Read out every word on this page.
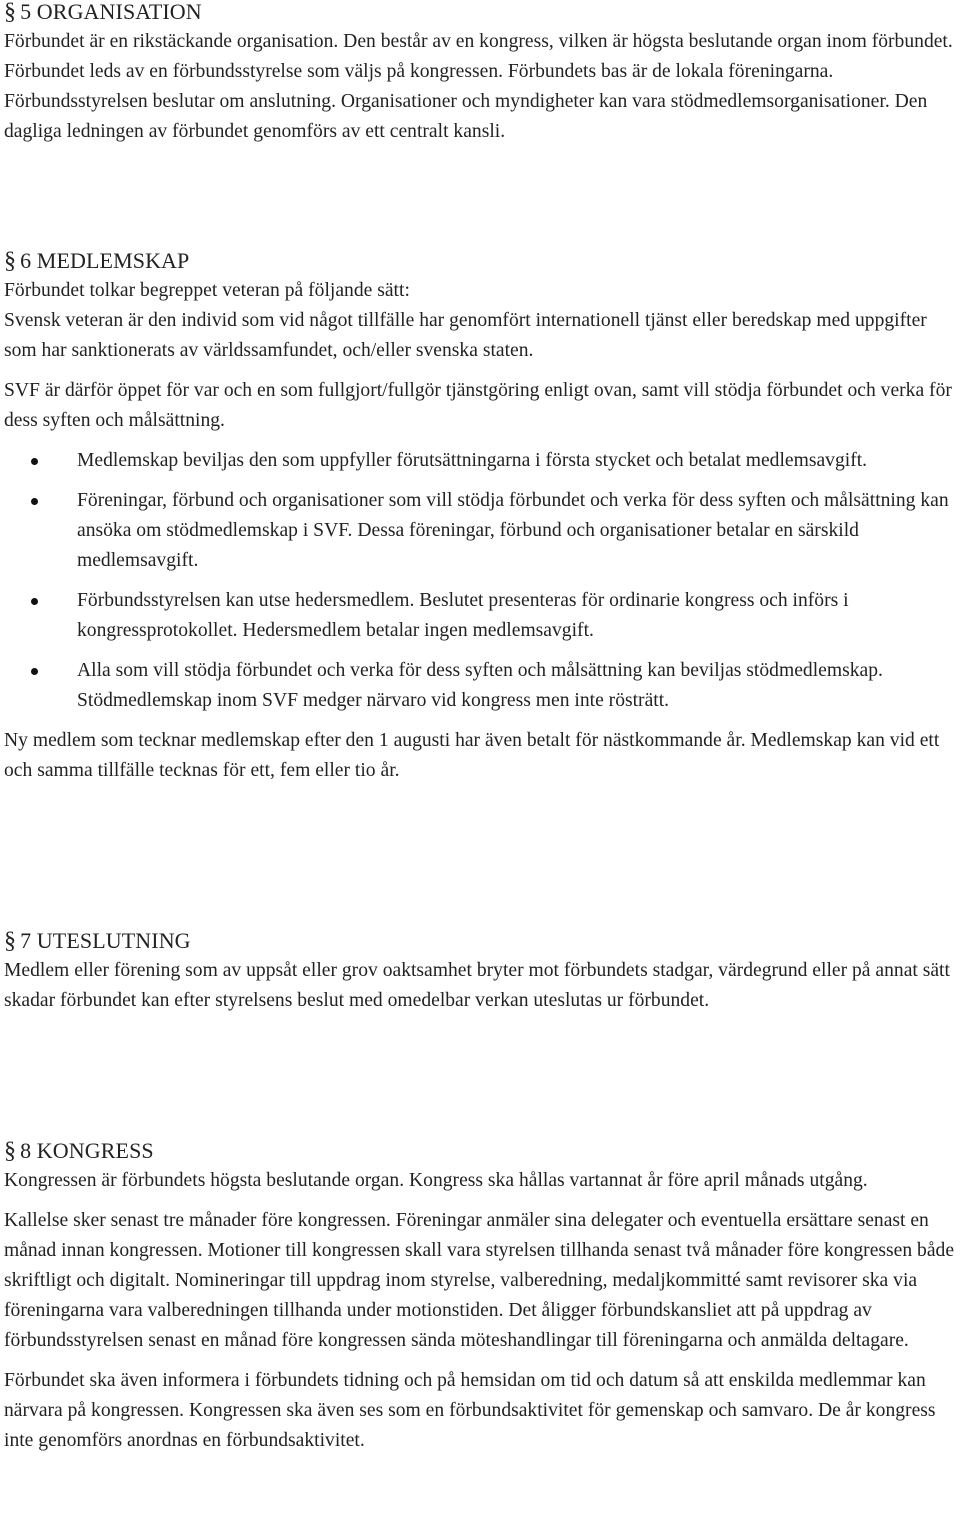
§ 5 ORGANISATION

Förbundet är en rikstäckande organisation. Den består av en kongress, vilken är högsta beslutande organ inom förbundet. Förbundet leds av en förbundsstyrelse som väljs på kongressen. Förbundets bas är de lokala föreningarna. Förbundsstyrelsen beslutar om anslutning. Organisationer och myndigheter kan vara stödmedlemsorganisationer. Den dagliga ledningen av förbundet genomförs av ett centralt kansli.

§ 6 MEDLEMSKAP

Förbundet tolkar begreppet veteran på följande sätt:

Svensk veteran är den individ som vid något tillfälle har genomfört internationell tjänst eller beredskap med uppgifter som har sanktionerats av världssamfundet, och/eller svenska staten.

SVF är därför öppet för var och en som fullgjort/fullgör tjänstgöring enligt ovan, samt vill stödja förbundet och verka för dess syften och målsättning.

Medlemskap beviljas den som uppfyller förutsättningarna i första stycket och betalat medlemsavgift.
Föreningar, förbund och organisationer som vill stödja förbundet och verka för dess syften och målsättning kan ansöka om stödmedlemskap i SVF. Dessa föreningar, förbund och organisationer betalar en särskild medlemsavgift.
Förbundsstyrelsen kan utse hedersmedlem. Beslutet presenteras för ordinarie kongress och införs i kongressprotokollet. Hedersmedlem betalar ingen medlemsavgift.
Alla som vill stödja förbundet och verka för dess syften och målsättning kan beviljas stödmedlemskap. Stödmedlemskap inom SVF medger närvaro vid kongress men inte rösträtt.

Ny medlem som tecknar medlemskap efter den 1 augusti har även betalt för nästkommande år. Medlemskap kan vid ett och samma tillfälle tecknas för ett, fem eller tio år.

§ 7 UTESLUTNING

Medlem eller förening som av uppsåt eller grov oaktsamhet bryter mot förbundets stadgar, värdegrund eller på annat sätt skadar förbundet kan efter styrelsens beslut med omedelbar verkan uteslutas ur förbundet.

§ 8 KONGRESS

Kongressen är förbundets högsta beslutande organ. Kongress ska hållas vartannat år före april månads utgång.

Kallelse sker senast tre månader före kongressen. Föreningar anmäler sina delegater och eventuella ersättare senast en månad innan kongressen. Motioner till kongressen skall vara styrelsen tillhanda senast två månader före kongressen både skriftligt och digitalt. Nomineringar till uppdrag inom styrelse, valberedning, medaljkommitté samt revisorer ska via föreningarna vara valberedningen tillhanda under motionstiden. Det åligger förbundskansliet att på uppdrag av förbundsstyrelsen senast en månad före kongressen sända möteshandlingar till föreningarna och anmälda deltagare.

Förbundet ska även informera i förbundets tidning och på hemsidan om tid och datum så att enskilda medlemmar kan närvara på kongressen. Kongressen ska även ses som en förbundsaktivitet för gemenskap och samvaro. De år kongress inte genomförs anordnas en förbundsaktivitet.
